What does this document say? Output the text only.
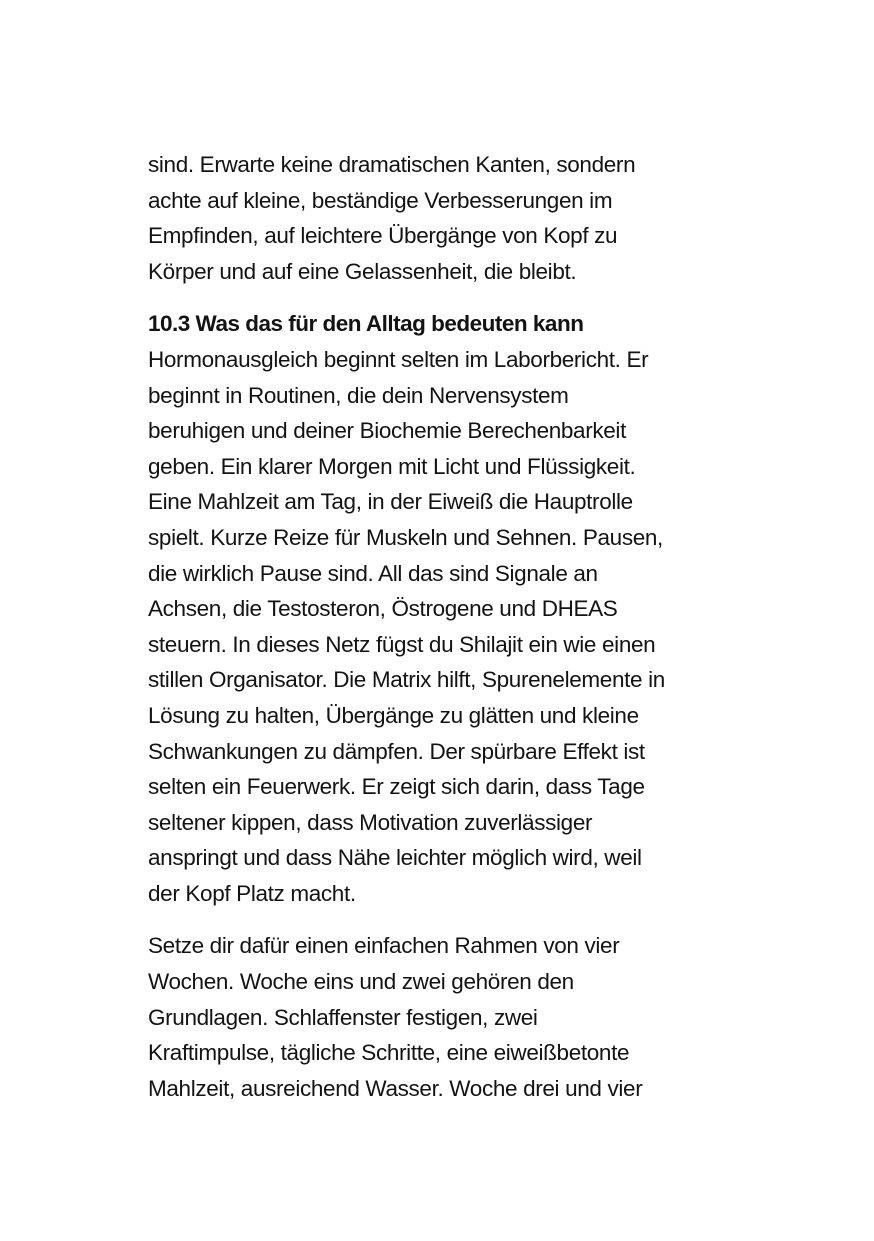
sind. Erwarte keine dramatischen Kanten, sondern
achte auf kleine, beständige Verbesserungen im
Empfinden, auf leichtere Übergänge von Kopf zu
Körper und auf eine Gelassenheit, die bleibt.

10.3 Was das für den Alltag bedeuten kann
Hormonausgleich beginnt selten im Laborbericht. Er
beginnt in Routinen, die dein Nervensystem
beruhigen und deiner Biochemie Berechenbarkeit
geben. Ein klarer Morgen mit Licht und Flüssigkeit.
Eine Mahlzeit am Tag, in der Eiweiß die Hauptrolle
spielt. Kurze Reize für Muskeln und Sehnen. Pausen,
die wirklich Pause sind. All das sind Signale an
Achsen, die Testosteron, Östrogene und DHEAS
steuern. In dieses Netz fügst du Shilajit ein wie einen
stillen Organisator. Die Matrix hilft, Spurenelemente in
Lösung zu halten, Übergänge zu glätten und kleine
Schwankungen zu dämpfen. Der spürbare Effekt ist
selten ein Feuerwerk. Er zeigt sich darin, dass Tage
seltener kippen, dass Motivation zuverlässiger
anspringt und dass Nähe leichter möglich wird, weil
der Kopf Platz macht.

Setze dir dafür einen einfachen Rahmen von vier
Wochen. Woche eins und zwei gehören den
Grundlagen. Schlaffenster festigen, zwei
Kraftimpulse, tägliche Schritte, eine eiweißbetonte
Mahlzeit, ausreichend Wasser. Woche drei und vier
